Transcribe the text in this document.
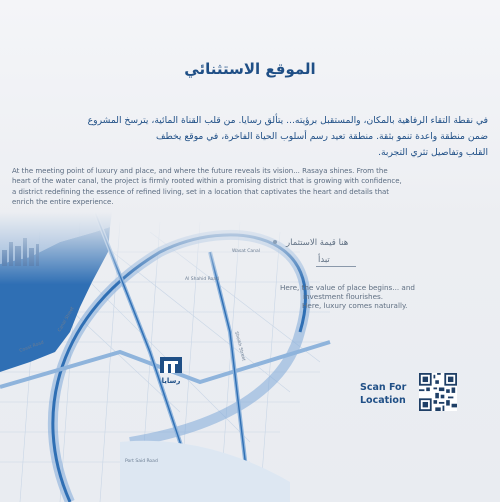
الموقع الاستثنائي
في نقطة التقاء الرفاهية بالمكان، والمستقبل برؤيته... يتألق رسايا. من قلب القناة المائية، يترسخ المشروع
ضمن منطقة واعدة تنمو بثقة. منطقة تعيد رسم أسلوب الحياة الفاخرة، في موقع يخطف
القلب وتفاصيل تثري التجربة.
At the meeting point of luxury and place, and where the future reveals its vision... Rasaya shines. From the
heart of the water canal, the project is firmly rooted within a promising district that is growing with confidence,
a district redefining the essence of refined living, set in a location that captivates the heart and details that
enrich the entire experience.
Wasat Canal
Al Shahid Road
Canal Street
Sheikh Street
Port Said Road
Coast Road
رسايا
هنا قيمة الاستثمار
تبدأ
Here, the value of place begins... and
investment flourishes.
Here, luxury comes naturally.
Scan For
Location
